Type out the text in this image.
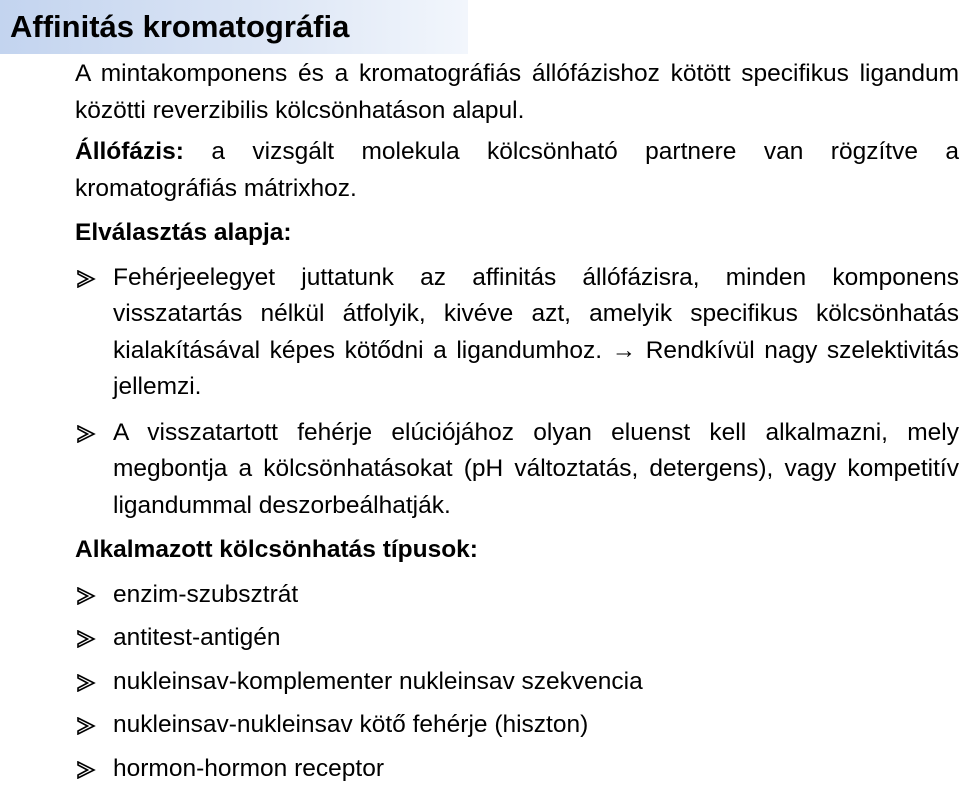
Affinitás kromatográfia

A mintakomponens és a kromatográfiás állófázishoz kötött specifikus ligandum közötti reverzibilis kölcsönhatáson alapul.

Állófázis: a vizsgált molekula kölcsönható partnere van rögzítve a kromatográfiás mátrixhoz.

Elválasztás alapja:

Fehérjeelegyet juttatunk az affinitás állófázisra, minden komponens visszatartás nélkül átfolyik, kivéve azt, amelyik specifikus kölcsönhatás kialakításával képes kötődni a ligandumhoz. → Rendkívül nagy szelektivitás jellemzi.
A visszatartott fehérje elúciójához olyan eluenst kell alkalmazni, mely megbontja a kölcsönhatásokat (pH változtatás, detergens), vagy kompetitív ligandummal deszorbeálhatják.

Alkalmazott kölcsönhatás típusok:

enzim-szubsztrát
antitest-antigén
nukleinsav-komplementer nukleinsav szekvencia
nukleinsav-nukleinsav kötő fehérje (hiszton)
hormon-hormon receptor
